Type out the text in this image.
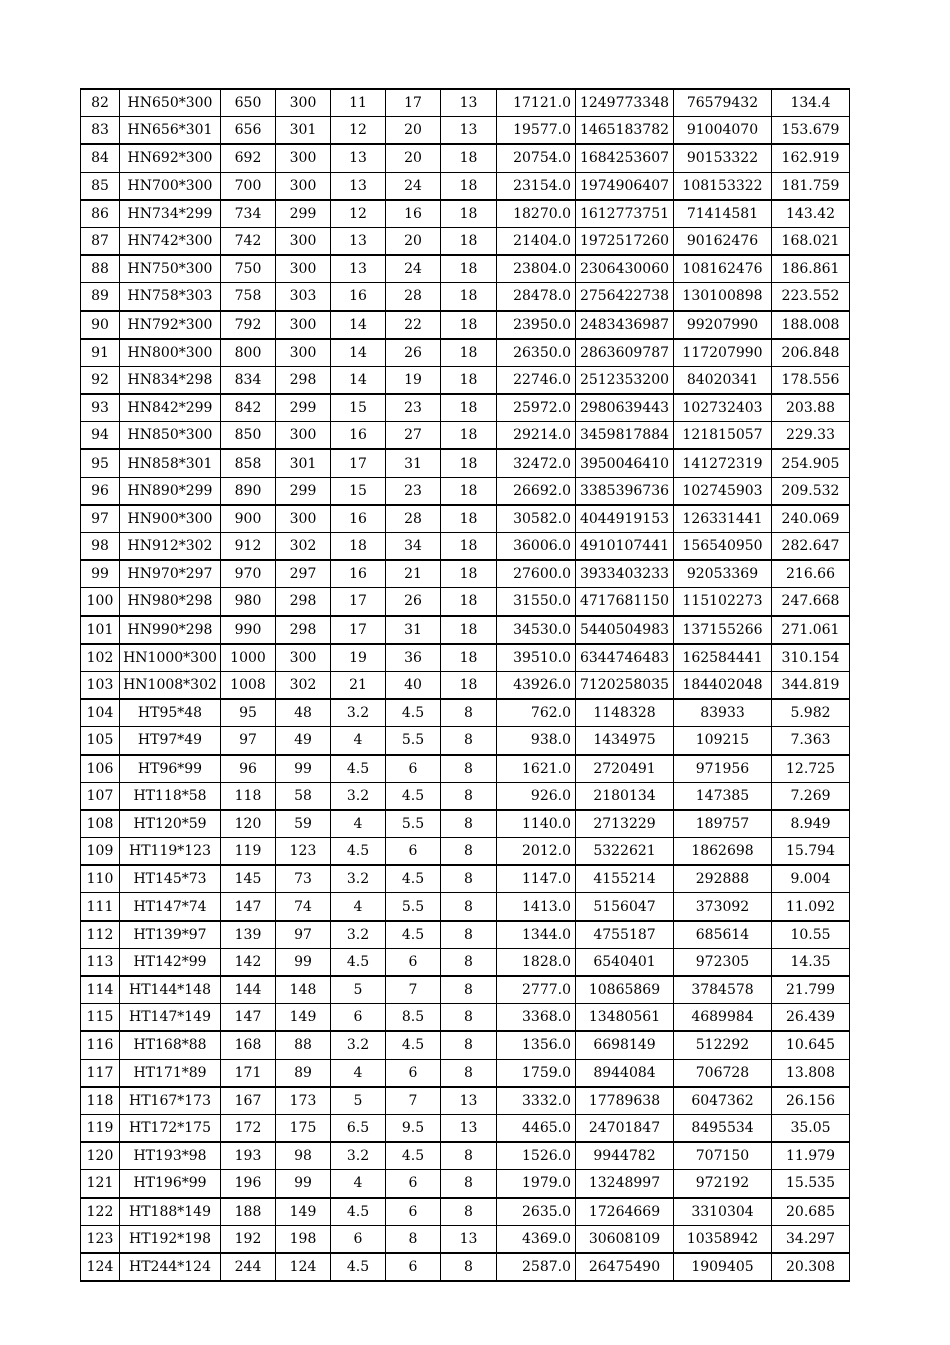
82	HN650*300	650	300	11	17	13	17121.0	1249773348	76579432	134.4
83	HN656*301	656	301	12	20	13	19577.0	1465183782	91004070	153.679
84	HN692*300	692	300	13	20	18	20754.0	1684253607	90153322	162.919
85	HN700*300	700	300	13	24	18	23154.0	1974906407	108153322	181.759
86	HN734*299	734	299	12	16	18	18270.0	1612773751	71414581	143.42
87	HN742*300	742	300	13	20	18	21404.0	1972517260	90162476	168.021
88	HN750*300	750	300	13	24	18	23804.0	2306430060	108162476	186.861
89	HN758*303	758	303	16	28	18	28478.0	2756422738	130100898	223.552
90	HN792*300	792	300	14	22	18	23950.0	2483436987	99207990	188.008
91	HN800*300	800	300	14	26	18	26350.0	2863609787	117207990	206.848
92	HN834*298	834	298	14	19	18	22746.0	2512353200	84020341	178.556
93	HN842*299	842	299	15	23	18	25972.0	2980639443	102732403	203.88
94	HN850*300	850	300	16	27	18	29214.0	3459817884	121815057	229.33
95	HN858*301	858	301	17	31	18	32472.0	3950046410	141272319	254.905
96	HN890*299	890	299	15	23	18	26692.0	3385396736	102745903	209.532
97	HN900*300	900	300	16	28	18	30582.0	4044919153	126331441	240.069
98	HN912*302	912	302	18	34	18	36006.0	4910107441	156540950	282.647
99	HN970*297	970	297	16	21	18	27600.0	3933403233	92053369	216.66
100	HN980*298	980	298	17	26	18	31550.0	4717681150	115102273	247.668
101	HN990*298	990	298	17	31	18	34530.0	5440504983	137155266	271.061
102	HN1000*300	1000	300	19	36	18	39510.0	6344746483	162584441	310.154
103	HN1008*302	1008	302	21	40	18	43926.0	7120258035	184402048	344.819
104	HT95*48	95	48	3.2	4.5	8	762.0	1148328	83933	5.982
105	HT97*49	97	49	4	5.5	8	938.0	1434975	109215	7.363
106	HT96*99	96	99	4.5	6	8	1621.0	2720491	971956	12.725
107	HT118*58	118	58	3.2	4.5	8	926.0	2180134	147385	7.269
108	HT120*59	120	59	4	5.5	8	1140.0	2713229	189757	8.949
109	HT119*123	119	123	4.5	6	8	2012.0	5322621	1862698	15.794
110	HT145*73	145	73	3.2	4.5	8	1147.0	4155214	292888	9.004
111	HT147*74	147	74	4	5.5	8	1413.0	5156047	373092	11.092
112	HT139*97	139	97	3.2	4.5	8	1344.0	4755187	685614	10.55
113	HT142*99	142	99	4.5	6	8	1828.0	6540401	972305	14.35
114	HT144*148	144	148	5	7	8	2777.0	10865869	3784578	21.799
115	HT147*149	147	149	6	8.5	8	3368.0	13480561	4689984	26.439
116	HT168*88	168	88	3.2	4.5	8	1356.0	6698149	512292	10.645
117	HT171*89	171	89	4	6	8	1759.0	8944084	706728	13.808
118	HT167*173	167	173	5	7	13	3332.0	17789638	6047362	26.156
119	HT172*175	172	175	6.5	9.5	13	4465.0	24701847	8495534	35.05
120	HT193*98	193	98	3.2	4.5	8	1526.0	9944782	707150	11.979
121	HT196*99	196	99	4	6	8	1979.0	13248997	972192	15.535
122	HT188*149	188	149	4.5	6	8	2635.0	17264669	3310304	20.685
123	HT192*198	192	198	6	8	13	4369.0	30608109	10358942	34.297
124	HT244*124	244	124	4.5	6	8	2587.0	26475490	1909405	20.308
